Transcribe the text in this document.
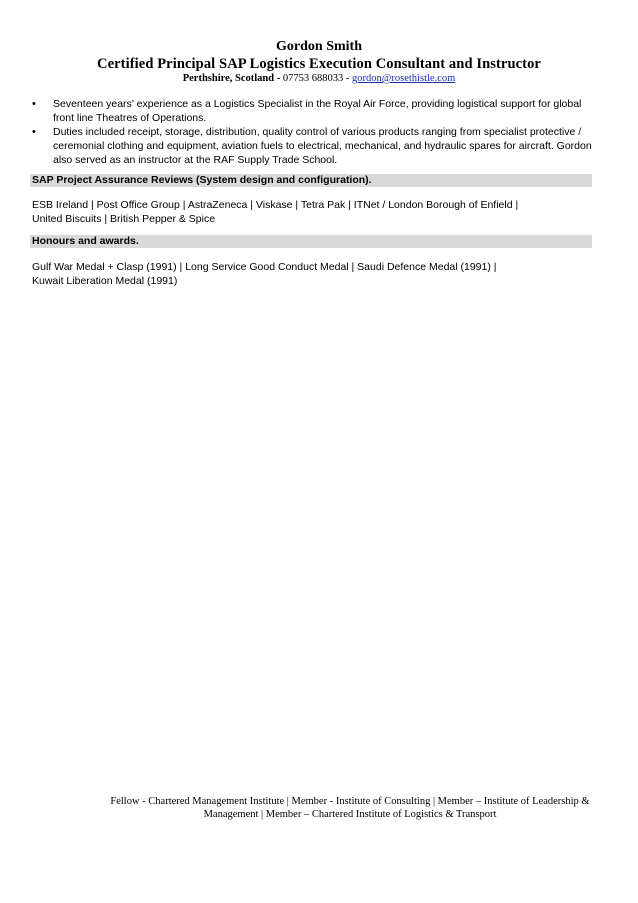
Gordon Smith
Certified Principal SAP Logistics Execution Consultant and Instructor
Perthshire, Scotland - 07753 688033 - gordon@rosethistle.com
• Seventeen years’ experience as a Logistics Specialist in the Royal Air Force, providing logistical support for global front line Theatres of Operations.
• Duties included receipt, storage, distribution, quality control of various products ranging from specialist protective / ceremonial clothing and equipment, aviation fuels to electrical, mechanical, and hydraulic spares for aircraft. Gordon also served as an instructor at the RAF Supply Trade School.
SAP Project Assurance Reviews (System design and configuration).
ESB Ireland | Post Office Group | AstraZeneca | Viskase | Tetra Pak | ITNet / London Borough of Enfield |
United Biscuits | British Pepper & Spice
Honours and awards.
Gulf War Medal + Clasp (1991) | Long Service Good Conduct Medal | Saudi Defence Medal (1991) |
Kuwait Liberation Medal (1991)
Fellow - Chartered Management Institute | Member - Institute of Consulting | Member – Institute of Leadership &
Management | Member – Chartered Institute of Logistics & Transport
